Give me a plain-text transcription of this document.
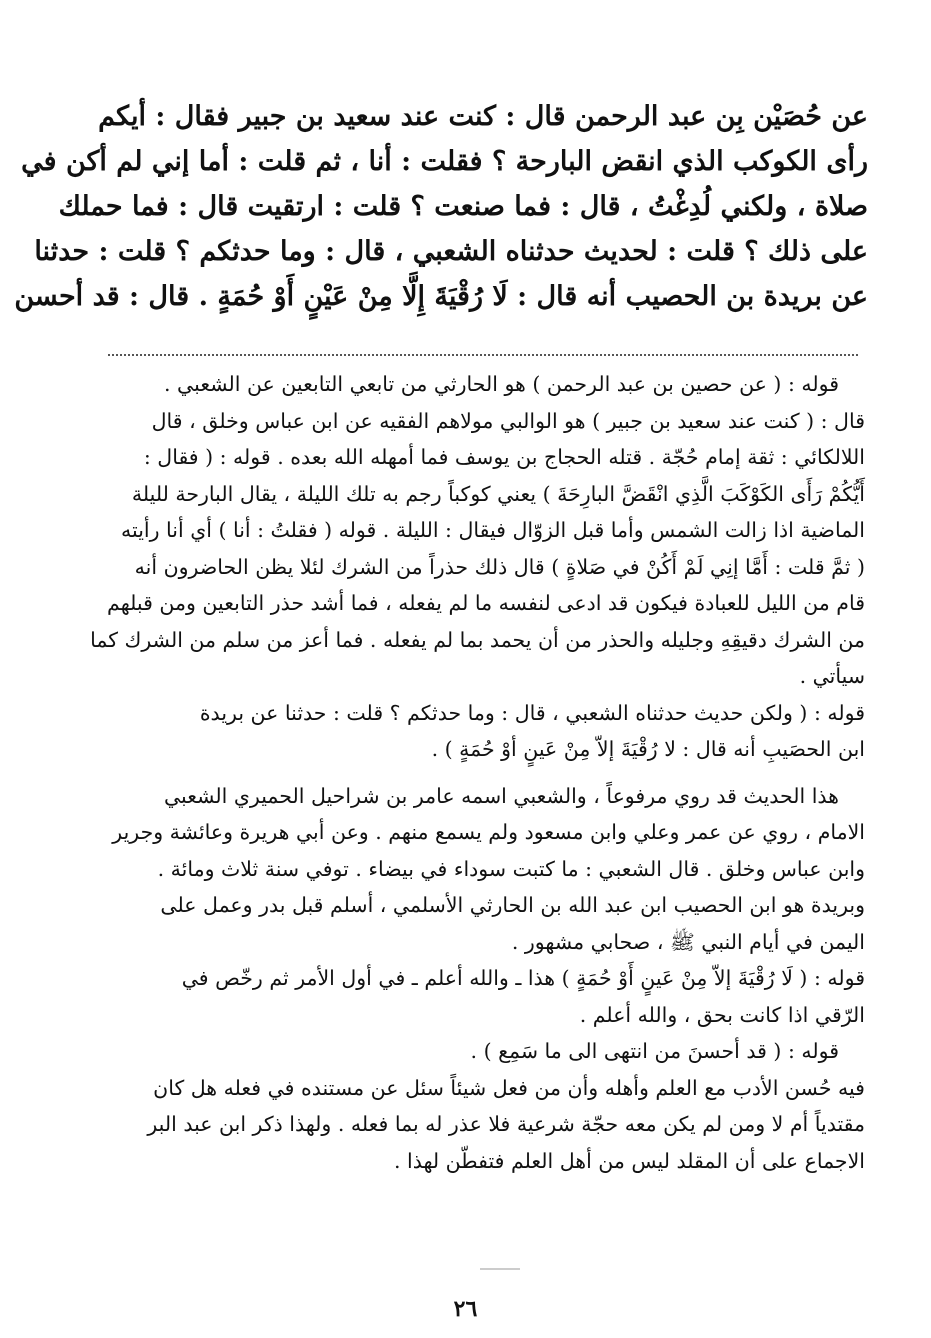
عن حُصَيْن بِن عبد الرحمن قال : كنت عند سعيد بن جبير فقال : أيكم
رأى الكوكب الذي انقض البارحة ؟ فقلت : أنا ، ثم قلت : أما إني لم أكن في
صلاة ، ولكني لُدِغْتُ ، قال : فما صنعت ؟ قلت : ارتقيت قال : فما حملك
على ذلك ؟ قلت : لحديث حدثناه الشعبي ، قال : وما حدثكم ؟ قلت : حدثنا
عن بريدة بن الحصيب أنه قال : لَا رُقْيَةَ إِلَّا مِنْ عَيْنٍ أَوْ حُمَةٍ . قال : قد أحسن
قوله : ( عن حصين بن عبد الرحمن ) هو الحارثي من تابعي التابعين عن الشعبي .
قال : ( كنت عند سعيد بن جبير ) هو الوالبي مولاهم الفقيه عن ابن عباس وخلق ، قال
اللالكائي : ثقة إمام حُجّة . قتله الحجاج بن يوسف فما أمهله الله بعده . قوله : ( فقال :
أَيُّكُمْ رَأَى الكَوْكَبَ الَّذِي انْقَضَّ البارِحَةَ ) يعني كوكباً رجم به تلك الليلة ، يقال البارحة لليلة
الماضية اذا زالت الشمس وأما قبل الزوّال فيقال : الليلة . قوله ( فقلتُ : أنا ) أي أنا رأيته
( ثمَّ قلت : أَمَّا إنِي لَمْ أَكُنْ في صَلاةٍ ) قال ذلك حذراً من الشرك لئلا يظن الحاضرون أنه
قام من الليل للعبادة فيكون قد ادعى لنفسه ما لم يفعله ، فما أشد حذر التابعين ومن قبلهم
من الشرك دقيقِهِ وجليله والحذر من أن يحمد بما لم يفعله . فما أعز من سلم من الشرك كما
سيأتي .
قوله : ( ولكن حديث حدثناه الشعبي ، قال : وما حدثكم ؟ قلت : حدثنا عن بريدة
ابن الحصَيبِ أنه قال : لا رُقْيَةَ إلاّ مِنْ عَينٍ أوْ حُمَةٍ ) .
هذا الحديث قد روي مرفوعاً ، والشعبي اسمه عامر بن شراحيل الحميري الشعبي
الامام ، روي عن عمر وعلي وابن مسعود ولم يسمع منهم . وعن أبي هريرة وعائشة وجرير
وابن عباس وخلق . قال الشعبي : ما كتبت سوداء في بيضاء . توفي سنة ثلاث ومائة .
وبريدة هو ابن الحصيب ابن عبد الله بن الحارثي الأسلمي ، أسلم قبل بدر وعمل على
اليمن في أيام النبي ﷺ ، صحابي مشهور .
قوله : ( لَا رُقْيَةَ إلاّ مِنْ عَينٍ أَوْ حُمَةٍ ) هذا ـ والله أعلم ـ في أول الأمر ثم رخّص في
الرّقي اذا كانت بحق ، والله أعلم .
قوله : ( قد أحسنَ من انتهى الى ما سَمِع ) .
فيه حُسن الأدب مع العلم وأهله وأن من فعل شيئاً سئل عن مستنده في فعله هل كان
مقتدياً أم لا ومن لم يكن معه حجّة شرعية فلا عذر له بما فعله . ولهذا ذكر ابن عبد البر
الاجماع على أن المقلد ليس من أهل العلم فتفطّن لهذا .
٢٦
